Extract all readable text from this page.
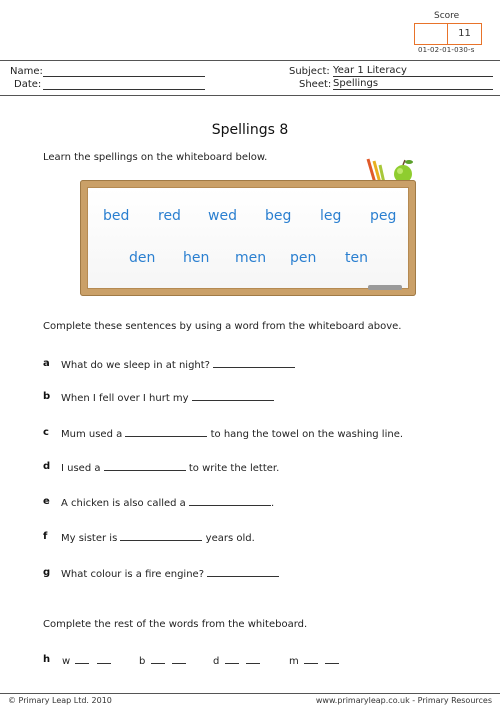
Score
11
01-02-01-030-s
Name:
Date:
Subject: Year 1 Literacy
Sheet: Spellings
Spellings 8
Learn the spellings on the whiteboard below.
bed red wed beg leg peg
den hen men pen ten
Complete these sentences by using a word from the whiteboard above.
a What do we sleep in at night?
b When I fell over I hurt my
c Mum used a	to hang the towel on the washing line.
d I used a	to write the letter.
e A chicken is also called a	.
f My sister is	years old.
g What colour is a fire engine?
Complete the rest of the words from the whiteboard.
h w	b	d	m
© Primary Leap Ltd. 2010	www.primaryleap.co.uk - Primary Resources
